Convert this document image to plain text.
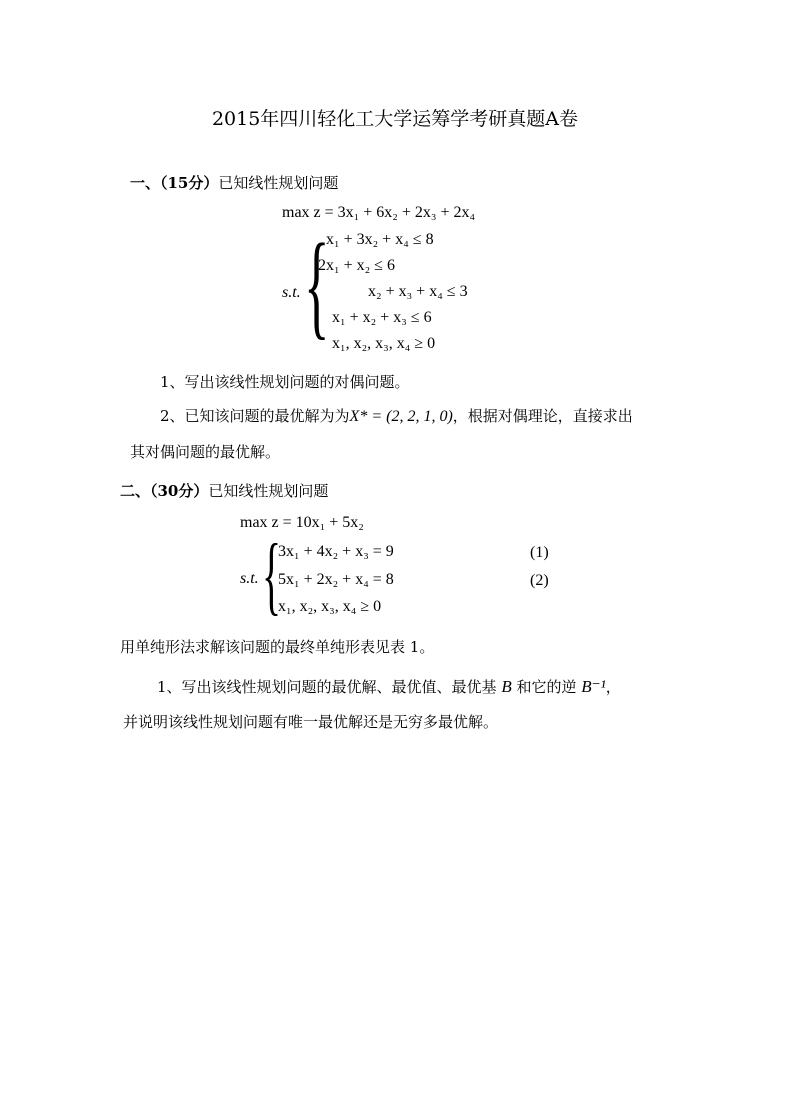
2015年四川轻化工大学运筹学考研真题A卷
一、（15分）已知线性规划问题
max z = 3x₁ + 6x₂ + 2x₃ + 2x₄
s.t. {
x₁ + 3x₂ + x₄ ≤ 8
2x₁ + x₂ ≤ 6
x₂ + x₃ + x₄ ≤ 3
x₁ + x₂ + x₃ ≤ 6
x₁, x₂, x₃, x₄ ≥ 0
1、写出该线性规划问题的对偶问题。
2、已知该问题的最优解为为X* = (2, 2, 1, 0)，根据对偶理论，直接求出
其对偶问题的最优解。
二、（30分）已知线性规划问题
max z = 10x₁ + 5x₂
s.t. {
3x₁ + 4x₂ + x₃ = 9
5x₁ + 2x₂ + x₄ = 8
x₁, x₂, x₃, x₄ ≥ 0
(1)
(2)
用单纯形法求解该问题的最终单纯形表见表 1。
1、写出该线性规划问题的最优解、最优值、最优基 B 和它的逆 B⁻¹，
并说明该线性规划问题有唯一最优解还是无穷多最优解。
